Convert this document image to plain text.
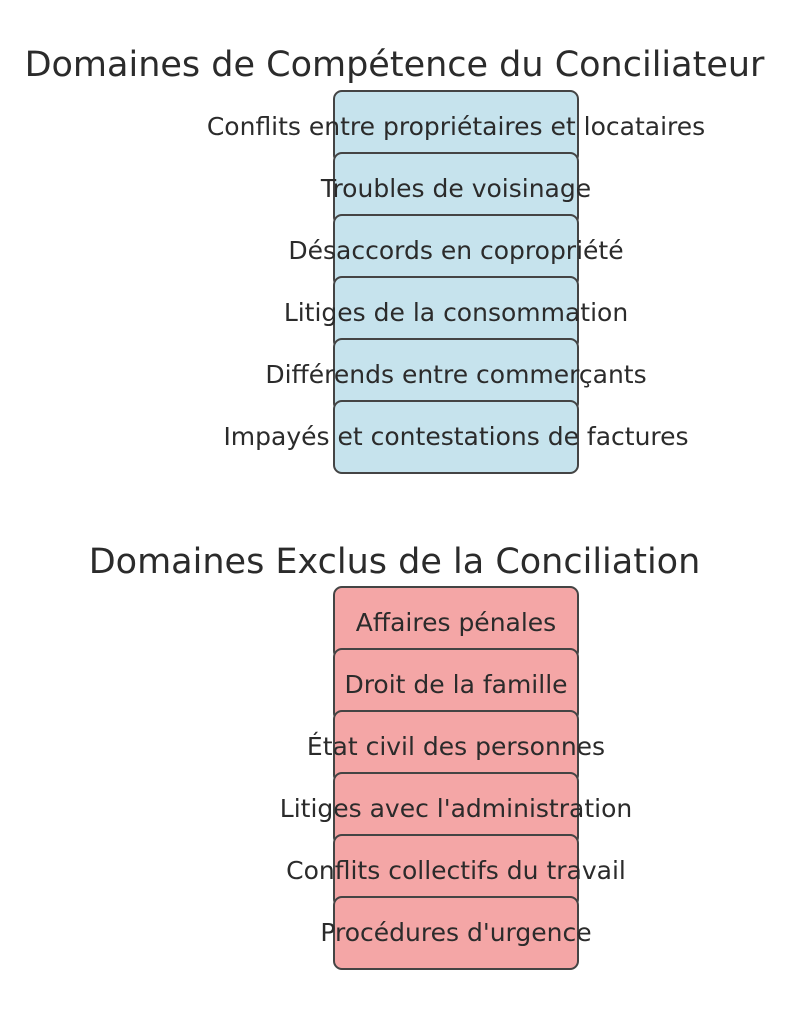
Domaines de Compétence du Conciliateur
Conflits entre propriétaires et locataires
Troubles de voisinage
Désaccords en copropriété
Litiges de la consommation
Différends entre commerçants
Impayés et contestations de factures
Domaines Exclus de la Conciliation
Affaires pénales
Droit de la famille
État civil des personnes
Litiges avec l'administration
Conflits collectifs du travail
Procédures d'urgence
